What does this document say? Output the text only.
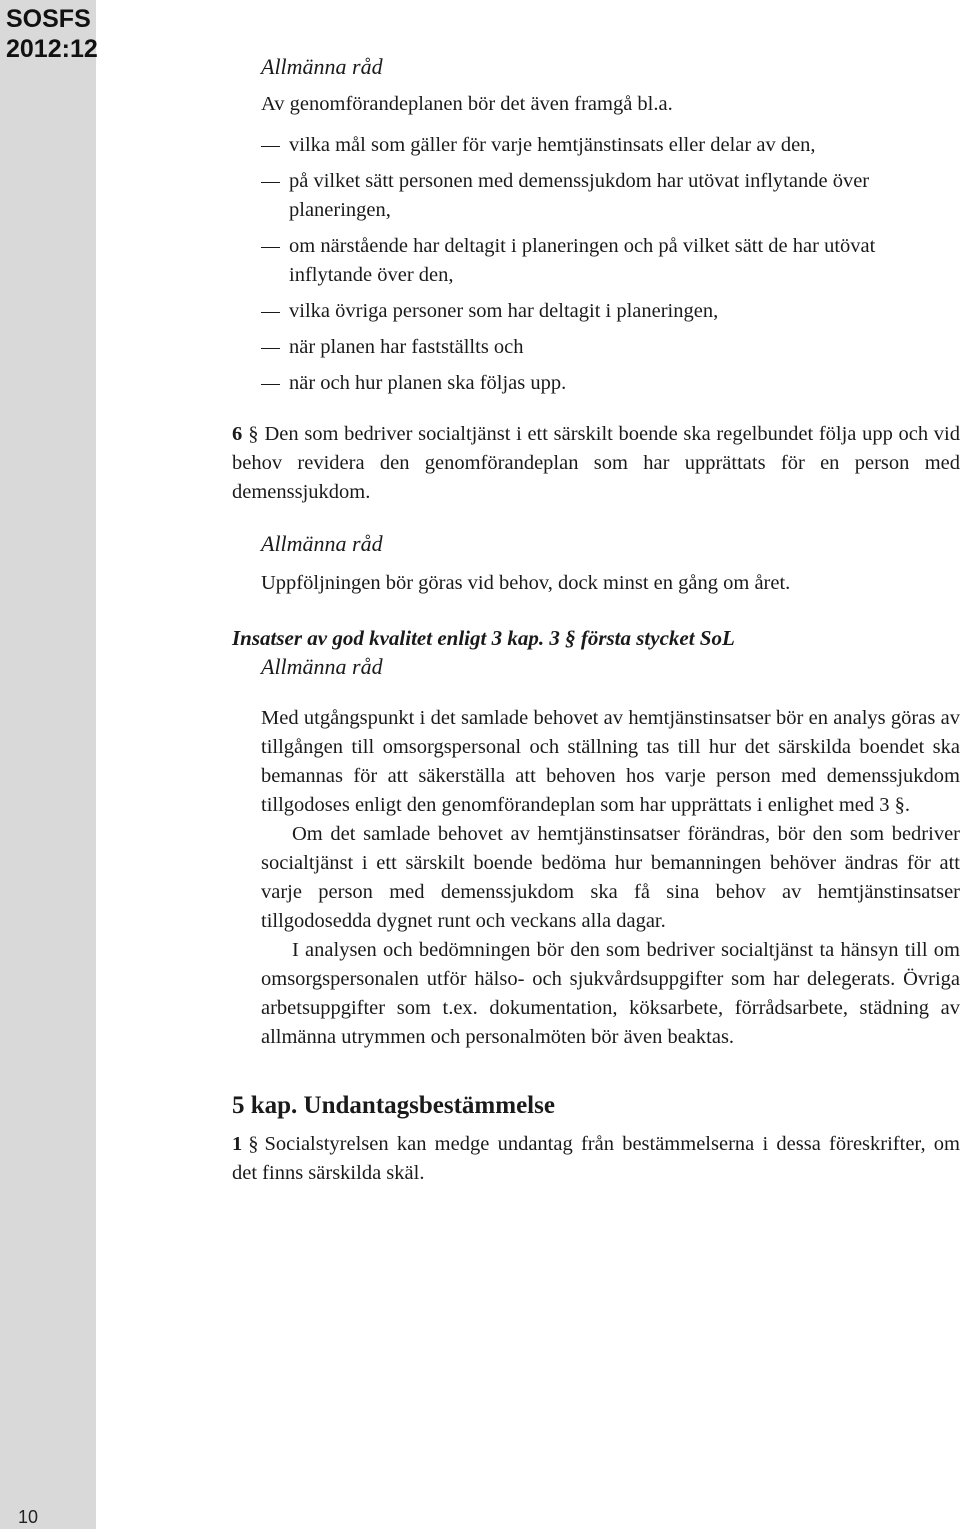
SOSFS
2012:12
10
Allmänna råd

Av genomförandeplanen bör det även framgå bl.a.

vilka mål som gäller för varje hemtjänstinsats eller delar av den,
på vilket sätt personen med demenssjukdom har utövat inflytande över planeringen,
om närstående har deltagit i planeringen och på vilket sätt de har utövat inflytande över den,
vilka övriga personer som har deltagit i planeringen,
när planen har fastställts och
när och hur planen ska följas upp.

6 § Den som bedriver socialtjänst i ett särskilt boende ska regelbundet följa upp och vid behov revidera den genomförandeplan som har upprättats för en person med demenssjukdom.

Allmänna råd

Uppföljningen bör göras vid behov, dock minst en gång om året.

Insatser av god kvalitet enligt 3 kap. 3 § första stycket SoL
Allmänna råd

Med utgångspunkt i det samlade behovet av hemtjänstinsatser bör en analys göras av tillgången till omsorgspersonal och ställning tas till hur det särskilda boendet ska bemannas för att säkerställa att behoven hos varje person med demenssjukdom tillgodoses enligt den genomförandeplan som har upprättats i enlighet med 3 §.

Om det samlade behovet av hemtjänstinsatser förändras, bör den som bedriver socialtjänst i ett särskilt boende bedöma hur bemanningen behöver ändras för att varje person med demenssjukdom ska få sina behov av hemtjänstinsatser tillgodosedda dygnet runt och veckans alla dagar.

I analysen och bedömningen bör den som bedriver socialtjänst ta hänsyn till om omsorgspersonalen utför hälso- och sjukvårdsuppgifter som har delegerats. Övriga arbetsuppgifter som t.ex. dokumentation, köksarbete, förrådsarbete, städning av allmänna utrymmen och personalmöten bör även beaktas.

5 kap. Undantagsbestämmelse

1 § Socialstyrelsen kan medge undantag från bestämmelserna i dessa föreskrifter, om det finns särskilda skäl.
